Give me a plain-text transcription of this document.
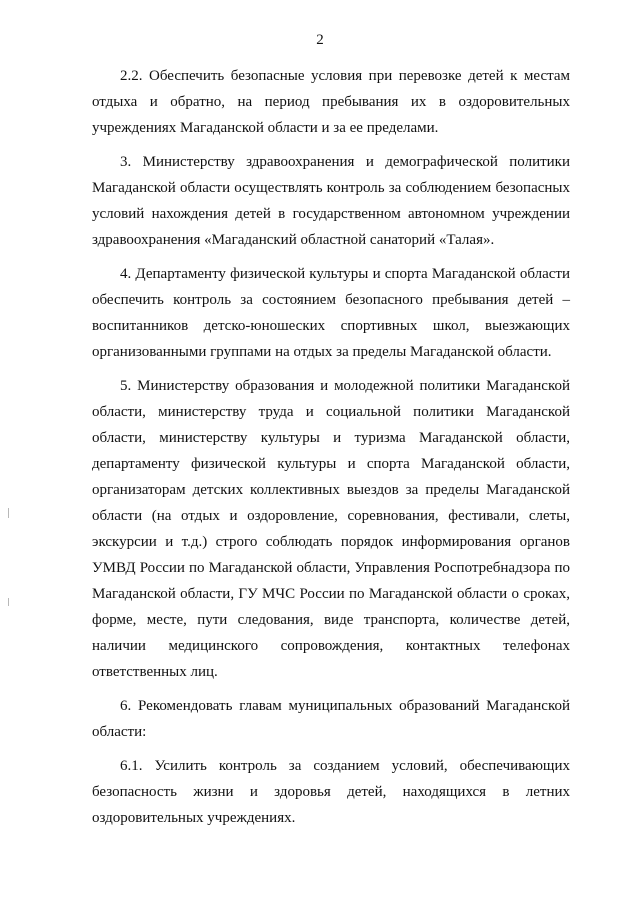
2

2.2. Обеспечить безопасные условия при перевозке детей к местам отдыха и обратно, на период пребывания их в оздоровительных учреждениях Магаданской области и за ее пределами.

3. Министерству здравоохранения и демографической политики Магаданской области осуществлять контроль за соблюдением безопасных условий нахождения детей в государственном автономном учреждении здравоохранения «Магаданский областной санаторий «Талая».

4. Департаменту физической культуры и спорта Магаданской области обеспечить контроль за состоянием безопасного пребывания детей – воспитанников детско-юношеских спортивных школ, выезжающих организованными группами на отдых за пределы Магаданской области.

5. Министерству образования и молодежной политики Магаданской области, министерству труда и социальной политики Магаданской области, министерству культуры и туризма Магаданской области, департаменту физической культуры и спорта Магаданской области, организаторам детских коллективных выездов за пределы Магаданской области (на отдых и оздоровление, соревнования, фестивали, слеты, экскурсии и т.д.) строго соблюдать порядок информирования органов УМВД России по Магаданской области, Управления Роспотребнадзора по Магаданской области, ГУ МЧС России по Магаданской области о сроках, форме, месте, пути следования, виде транспорта, количестве детей, наличии медицинского сопровождения, контактных телефонах ответственных лиц.

6. Рекомендовать главам муниципальных образований Магаданской области:

6.1. Усилить контроль за созданием условий, обеспечивающих безопасность жизни и здоровья детей, находящихся в летних оздоровительных учреждениях.
